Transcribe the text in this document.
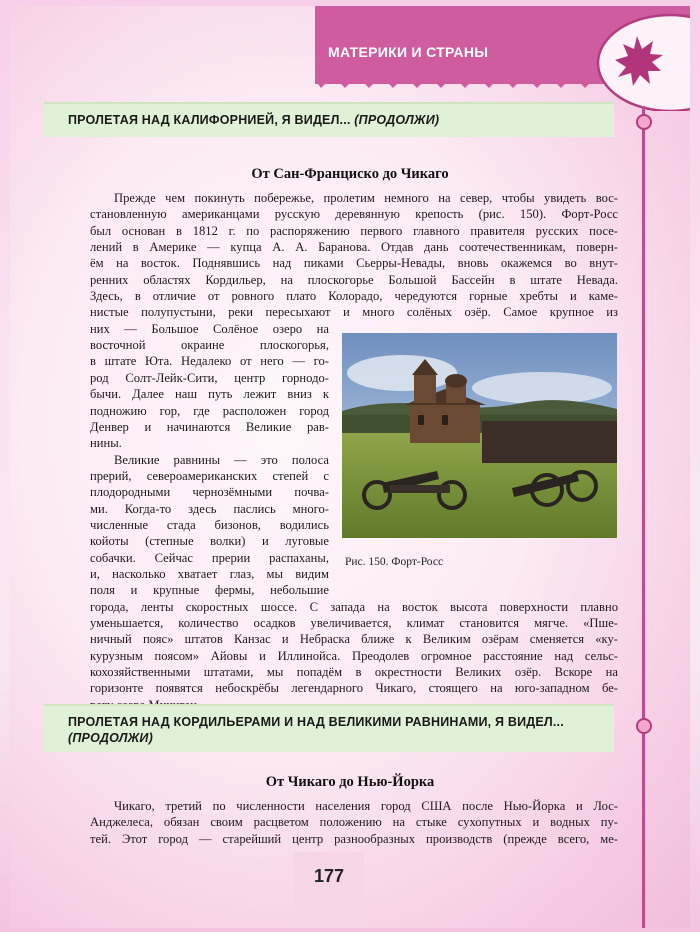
МАТЕРИКИ И СТРАНЫ
ПРОЛЕТАЯ НАД КАЛИФОРНИЕЙ, Я ВИДЕЛ... (ПРОДОЛЖИ)
От Сан-Франциско до Чикаго
Прежде чем покинуть побережье, пролетим немного на север, чтобы увидеть вос-
становленную американцами русскую деревянную крепость (рис. 150). Форт-Росс
был основан в 1812 г. по распоряжению первого главного правителя русских посе-
лений в Америке — купца А. А. Баранова. Отдав дань соотечественникам, поверн-
ём на восток. Поднявшись над пиками Сьерры-Невады, вновь окажемся во внут-
ренних областях Кордильер, на плоскогорье Большой Бассейн в штате Невада.
Здесь, в отличие от ровного плато Колорадо, чередуются горные хребты и камe-
нистые полупустыни, реки пересыхают и много солёных озёр. Самое крупное из
них — Большое Солёное озеро на
восточной окраине плоскогорья,
в штате Юта. Недалеко от него — го-
род Солт-Лейк-Сити, центр горнодо-
бычи. Далее наш путь лежит вниз к
подножию гор, где расположен город
Денвер и начинаются Великие рав-
нины.
Великие равнины — это полоса
прерий, североамериканских степей с
плодородными чернозёмными почва-
ми. Когда-то здесь паслись много-
численные стада бизонов, водились
койоты (степные волки) и луговые
собачки. Сейчас прерии распаханы,
и, насколько хватает глаз, мы видим
поля и крупные фермы, небольшие
Рис. 150. Форт-Росс
города, ленты скоростных шоссе. С запада на восток высота поверхности плавно
уменьшается, количество осадков увеличивается, климат становится мягче. «Пше-
ничный пояс» штатов Канзас и Небраска ближе к Великим озёрам сменяется «ку-
курузным поясом» Айовы и Иллинойса. Преодолев огромное расстояние над сельс-
кохозяйственными штатами, мы попадём в окрестности Великих озёр. Вскоре на
горизонте появятся небоскрёбы легендарного Чикаго, стоящего на юго-западном бе-
ПРОЛЕТАЯ НАД КОРДИЛЬЕРАМИ И НАД ВЕЛИКИМИ РАВНИНАМИ, Я ВИДЕЛ...
(ПРОДОЛЖИ)
От Чикаго до Нью-Йорка
Чикаго, третий по численности населения город США после Нью-Йорка и Лос-
Анджелеса, обязан своим расцветом положению на стыке сухопутных и водных пу-
тей. Этот город — старейший центр разнообразных производств (прежде всего, ме-
177
